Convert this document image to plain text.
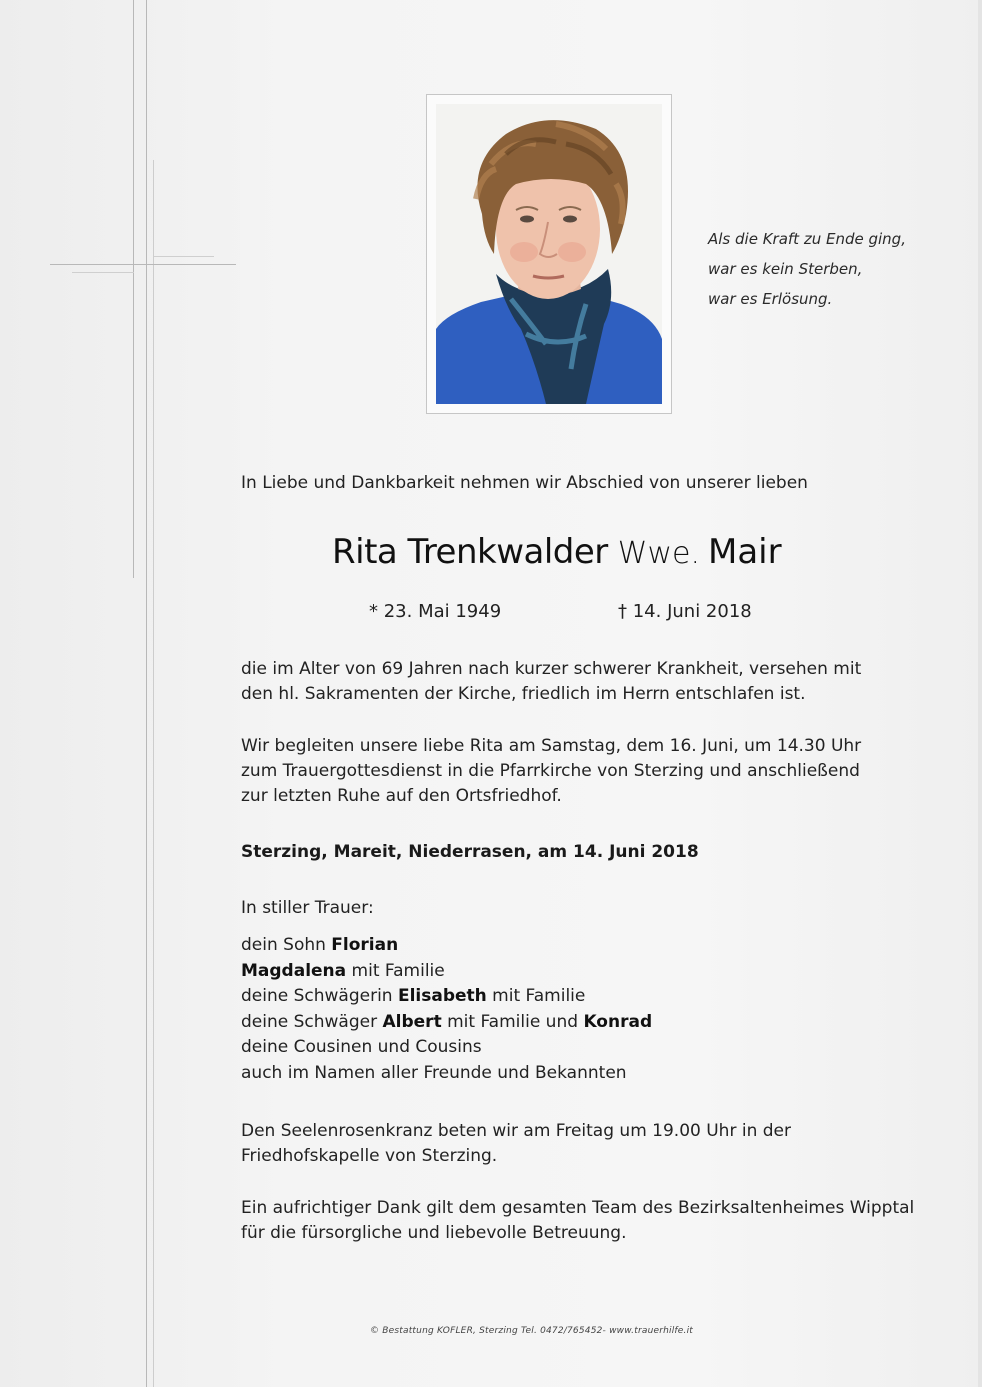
Als die Kraft zu Ende ging,
war es kein Sterben,
war es Erlösung.
In Liebe und Dankbarkeit nehmen wir Abschied von unserer lieben
Rita Trenkwalder Wwe. Mair
* 23. Mai 1949	† 14. Juni 2018
die im Alter von 69 Jahren nach kurzer schwerer Krankheit, versehen mit
den hl. Sakramenten der Kirche, friedlich im Herrn entschlafen ist.
Wir begleiten unsere liebe Rita am Samstag, dem 16. Juni, um 14.30 Uhr
zum Trauergottesdienst in die Pfarrkirche von Sterzing und anschließend
zur letzten Ruhe auf den Ortsfriedhof.
Sterzing, Mareit, Niederrasen, am 14. Juni 2018
In stiller Trauer:
dein Sohn Florian
Magdalena mit Familie
deine Schwägerin Elisabeth mit Familie
deine Schwäger Albert mit Familie und Konrad
deine Cousinen und Cousins
auch im Namen aller Freunde und Bekannten
Den Seelenrosenkranz beten wir am Freitag um 19.00 Uhr in der
Friedhofskapelle von Sterzing.
Ein aufrichtiger Dank gilt dem gesamten Team des Bezirksaltenheimes Wipptal
für die fürsorgliche und liebevolle Betreuung.
© Bestattung KOFLER, Sterzing Tel. 0472/765452- www.trauerhilfe.it
